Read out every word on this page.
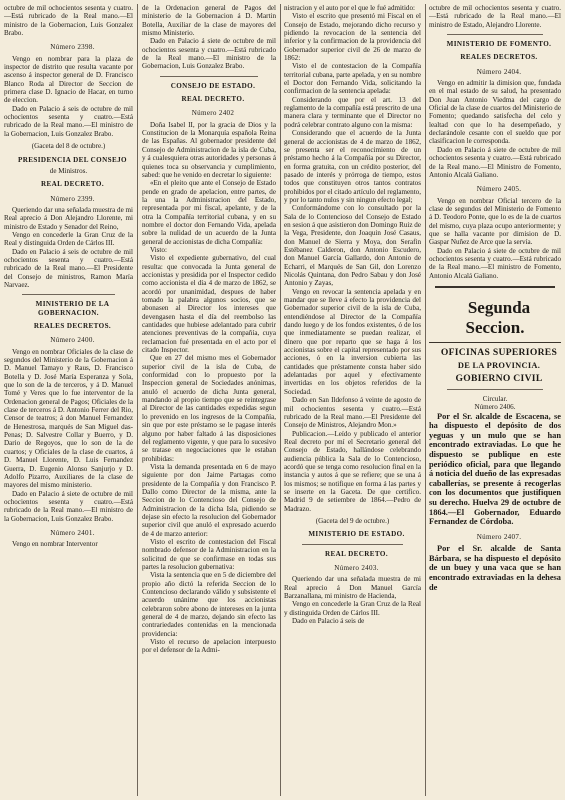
octubre de mil ochocientos sesenta y cuatro.—Está rubricado de la Real mano.—El ministro de la Gobernacion, Luis Gonzalez Brabo.

Número 2398.

Vengo en nombrar para la plaza de inspector de distrito que resulta vacante por ascenso á inspector general de D. Francisco Blanco Roda al Director de Seccion de primera clase D. Ignacio de Hacar, en turno de eleccion.

Dado en Palacio á seis de octubre de mil ochocientos sesenta y cuatro.—Está rubricado de la Real mano.—El ministro de la Gobernacion, Luis Gonzalez Brabo.

(Gaceta del 8 de octubre.)

PRESIDENCIA DEL CONSEJO

de Ministros.

REAL DECRETO.

Número 2399.

Queriendo dar una señalada muestra de mi Real aprecio á Don Alejandro Llorente, mi ministro de Estado y Senador del Reino,

Vengo en concederle la Gran Cruz de la Real y distinguida Orden de Cárlos III.

Dado en Palacio á seis de octubre de mil ochocientos sesenta y cuatro.—Está rubricado de la Real mano.—El Presidente del Consejo de ministros, Ramon María Narvaez.

MINISTERIO DE LA GOBERNACION.

REALES DECRETOS.

Número 2400.

Vengo en nombrar Oficiales de la clase de segundos del Ministerio de la Gobernacion á D. Manuel Tamayo y Raus, D. Francisco Botella y D. José María Esperanza y Sola, que lo son de la de terceros, y á D. Manuel Tomé y Veres que lo fue interventor de la Ordenacion general de Pagos; Oficiales de la clase de terceros á D. Antonio Ferrer del Rio, Censor de teatros; á don Manuel Fernandez de Henestrosa, marqués de San Miguel das-Penas; D. Salvestre Collar y Buerro, y D. Dario de Regoyos, que lo son de la de cuartos; y Oficiales de la clase de cuartos, á D. Manuel Llorente, D. Luis Fernandez Guerra, D. Eugenio Alonso Sanjurjo y D. Adolfo Pizarro, Auxiliares de la clase de mayores del mismo ministerio.

Dado en Palacio á siete de octubre de mil ochocientos sesenta y cuatro.—Está rubricado de la Real mano.—El ministro de la Gobernacion, Luis Gonzalez Brabo.

Número 2401.

Vengo en nombrar Interventor

de la Ordenacion general de Pagos del ministerio de la Gobernacion á D. Martin Botella, Auxiliar de la clase de mayores del mismo Ministerio.

Dado en Palacio á siete de octubre de mil ochocientos sesenta y cuatro.—Está rubricado de la Real mano.—El ministro de la Gobernacion, Luis Gonzalez Brabo.

CONSEJO DE ESTADO.

REAL DECRETO.

Número 2402

Doña Isabel II, por la gracia de Dios y la Constitucion de la Monarquía española Reina de las Españas. Al gobernador presidente del Consejo de Administracion de la isla de Cuba, y á cualesquiera otras autoridades y personas á quienes toca su observancia y cumplimiento, sabed: que he venido en decretar lo siguiente:

«En el pleito que ante el Consejo de Estado pende en grado de apelacion, entre partes, de la una la Administracion del Estado, representada por mi fiscal, apelante, y de la otra la Compañía territorial cubana, y en su nombre el doctor don Fernando Vida, apelada sobre la nulidad de un acuerdo de la Junta general de accionistas de dicha Compañía:

Visto:

Visto el expediente gubernativo, del cual resulta: que convocada la Junta general de accionistas y presidida por el Inspector cedido como accionista el día 4 de marzo de 1862, se acordó por unanimidad, despues de haber tomado la palabra algunos socios, que se abonasen al Director los intereses que devengasen hasta el día del reembolso las cantidades que hubiese adelantado para cubrir atenciones preventivas de la compañía, cuya reclamacion fué presentada en el acto por el citado Inspector.

Que en 27 del mismo mes el Gobernador superior civil de la isla de Cuba, de conformidad con lo propuesto por la Inspeccion general de Sociedades anónimas, anuló el acuerdo de dicha Junta general, mandando al propio tiempo que se reintegrase al Director de las cantidades expedidas segun lo prevenido en los ingresos de la Compañía, sin que por este préstamo se le pagase interés alguno por haber faltado á las disposiciones del reglamento vigente, y que para lo sucesivo se tratase en negociaciones que le estaban prohibidas:

Vista la demanda presentada en 6 de mayo siguiente por don Jaime Partagas como presidente de la Compañía y don Francisco P. Dallo como Director de la misma, ante la Seccion de lo Contencioso del Consejo de Administracion de la dicha Isla, pidiendo se dejase sin efecto la resolucion del Gobernador superior civil que anuló el expresado acuerdo de 4 de marzo anterior:

Visto el escrito de contestacion del Fiscal nombrado defensor de la Administracion en la solicitud de que se confirmase en todas sus partes la resolucion gubernativa:

Vista la sentencia que en 5 de diciembre del propio año dictó la referida Seccion de lo Contencioso declarando válido y subsistente el acuerdo unánime que los accionistas celebraron sobre abono de intereses en la junta general de 4 de marzo, dejando sin efecto las contrariedades contenidas en la mencionada providencia:

Visto el recurso de apelacion interpuesto por el defensor de la Admi-

nistracion y el auto por el que le fué admitido:

Visto el escrito que presentó mi Fiscal en el Consejo de Estado, mejorando dicho recurso y pidiendo la revocacion de la sentencia del inferior y la confirmacion de la providencia del Gobernador superior civil de 26 de marzo de 1862:

Visto el de contestacion de la Compañía territorial cubana, parte apelada, y en su nombre el Doctor don Fernando Vida, solicitando la confirmacion de la sentencia apelada:

Considerando que por el art. 13 del reglamento de la compañía está prescrito de una manera clara y terminante que el Director no podrá celebrar contrato alguno con la misma:

Considerando que el acuerdo de la Junta general de accionistas de 4 de marzo de 1862, se presenta ser el reconocimiento de un préstamo hecho á la Compañía por su Director, en forma gratuita, con un crédito posterior, del pasado de interés y prórroga de tiempo, estos todos que constituyen otros tantos contratos prohibidos por el citado artículo del reglamento, y por lo tanto nulos y sin ningun efecto legal;

Conformándome con lo consultado por la Sala de lo Contencioso del Consejo de Estado en sesion á que asistieron don Domingo Ruiz de la Vega, Presidente, don Joaquin José Casaus, don Manuel de Sierra y Moya, don Serafin Estébanez Calderon, don Antonio Escudero, don Manuel García Gallardo, don Antonio de Echarri, el Marqués de San Gil, don Lorenzo Nicolás Quintana, don Pedro Sabau y don José Antonio y Zayas,

Vengo en revocar la sentencia apelada y en mandar que se lleve á efecto la providencia del Gobernador superior civil de la isla de Cuba, entendiéndose al Director de la Compañía dando luego y de los fondos existentes, ó de los que inmediatamente se puedan realizar, el dinero que por reparto que se haga á los accionistas sobre el capital representado por sus acciones, ó en la inversion cubierta las cantidades que préstamente consta haber sido adelantadas por aquel y efectivamente invertidas en los objetos referidos de la Sociedad.

Dado en San Ildefonso á veinte de agosto de mil ochocientos sesenta y cuatro.—Está rubricado de la Real mano.—El Presidente del Consejo de Ministros, Alejandro Mon.»

Publicacion.—Leído y publicado el anterior Real decreto por mí el Secretario general del Consejo de Estado, hallándose celebrando audiencia pública la Sala de lo Contencioso, acordó que se tenga como resolucion final en la instancia y autos á que se refiere; que se una á los mismos; se notifique en forma á las partes y se inserte en la Gaceta. De que certifico. Madrid 9 de setiembre de 1864.—Pedro de Madrazo.

(Gaceta del 9 de octubre.)

MINISTERIO DE ESTADO.

REAL DECRETO.

Número 2403.

Queriendo dar una señalada muestra de mi Real aprecio á Don Manuel García Barzanallana, mi ministro de Hacienda,

Vengo en concederle la Gran Cruz de la Real y distinguida Orden de Cárlos III.

Dado en Palacio á seis de

octubre de mil ochocientos sesenta y cuatro.—Está rubricado de la Real mano.—El ministro de Estado, Alejandro Llorente.

MINISTERIO DE FOMENTO.

REALES DECRETOS.

Número 2404.

Vengo en admitir la dimision que, fundada en el mal estado de su salud, ha presentado Don Juan Antonio Viedma del cargo de Oficial de la clase de cuartos del Ministerio de Fomento; quedando satisfecha del celo y lealtad con que lo ha desempeñado, y declarándole cesante con el sueldo que por clasificacion le corresponda.

Dado en Palacio á siete de octubre de mil ochocientos sesenta y cuatro.—Está rubricado de la Real mano.—El Ministro de Fomento, Antonio Alcalá Galiano.

Número 2405.

Vengo en nombrar Oficial tercero de la clase de segundos del Ministerio de Fomento á D. Teodoro Ponte, que lo es de la de cuartos del mismo, cuya plaza ocupo anteriormente; y que se halla vacante por dimision de D. Gaspar Nuñez de Arce que la servía.

Dado en Palacio á siete de octubre de mil ochocientos sesenta y cuatro.—Está rubricado de la Real mano.—El ministro de Fomento, Antonio Alcalá Galiano.

Segunda Seccion.

OFICINAS SUPERIORES

DE LA PROVINCIA.

GOBIERNO CIVIL

Circular.

Número 2406.

Por el Sr. alcalde de Escacena, se ha dispuesto el depósito de dos yeguas y un mulo que se han encontrado extraviadas. Lo que he dispuesto se publique en este periódico oficial, para que llegando á noticia del dueño de las expresadas caballerías, se presente á recogerlas con los documentos que justifiquen su derecho. Huelva 29 de octubre de 1864.—El Gobernador, Eduardo Fernandez de Córdoba.

Número 2407.

Por el Sr. alcalde de Santa Bárbara, se ha dispuesto el depósito de un buey y una vaca que se han encontrado extraviadas en la dehesa de
